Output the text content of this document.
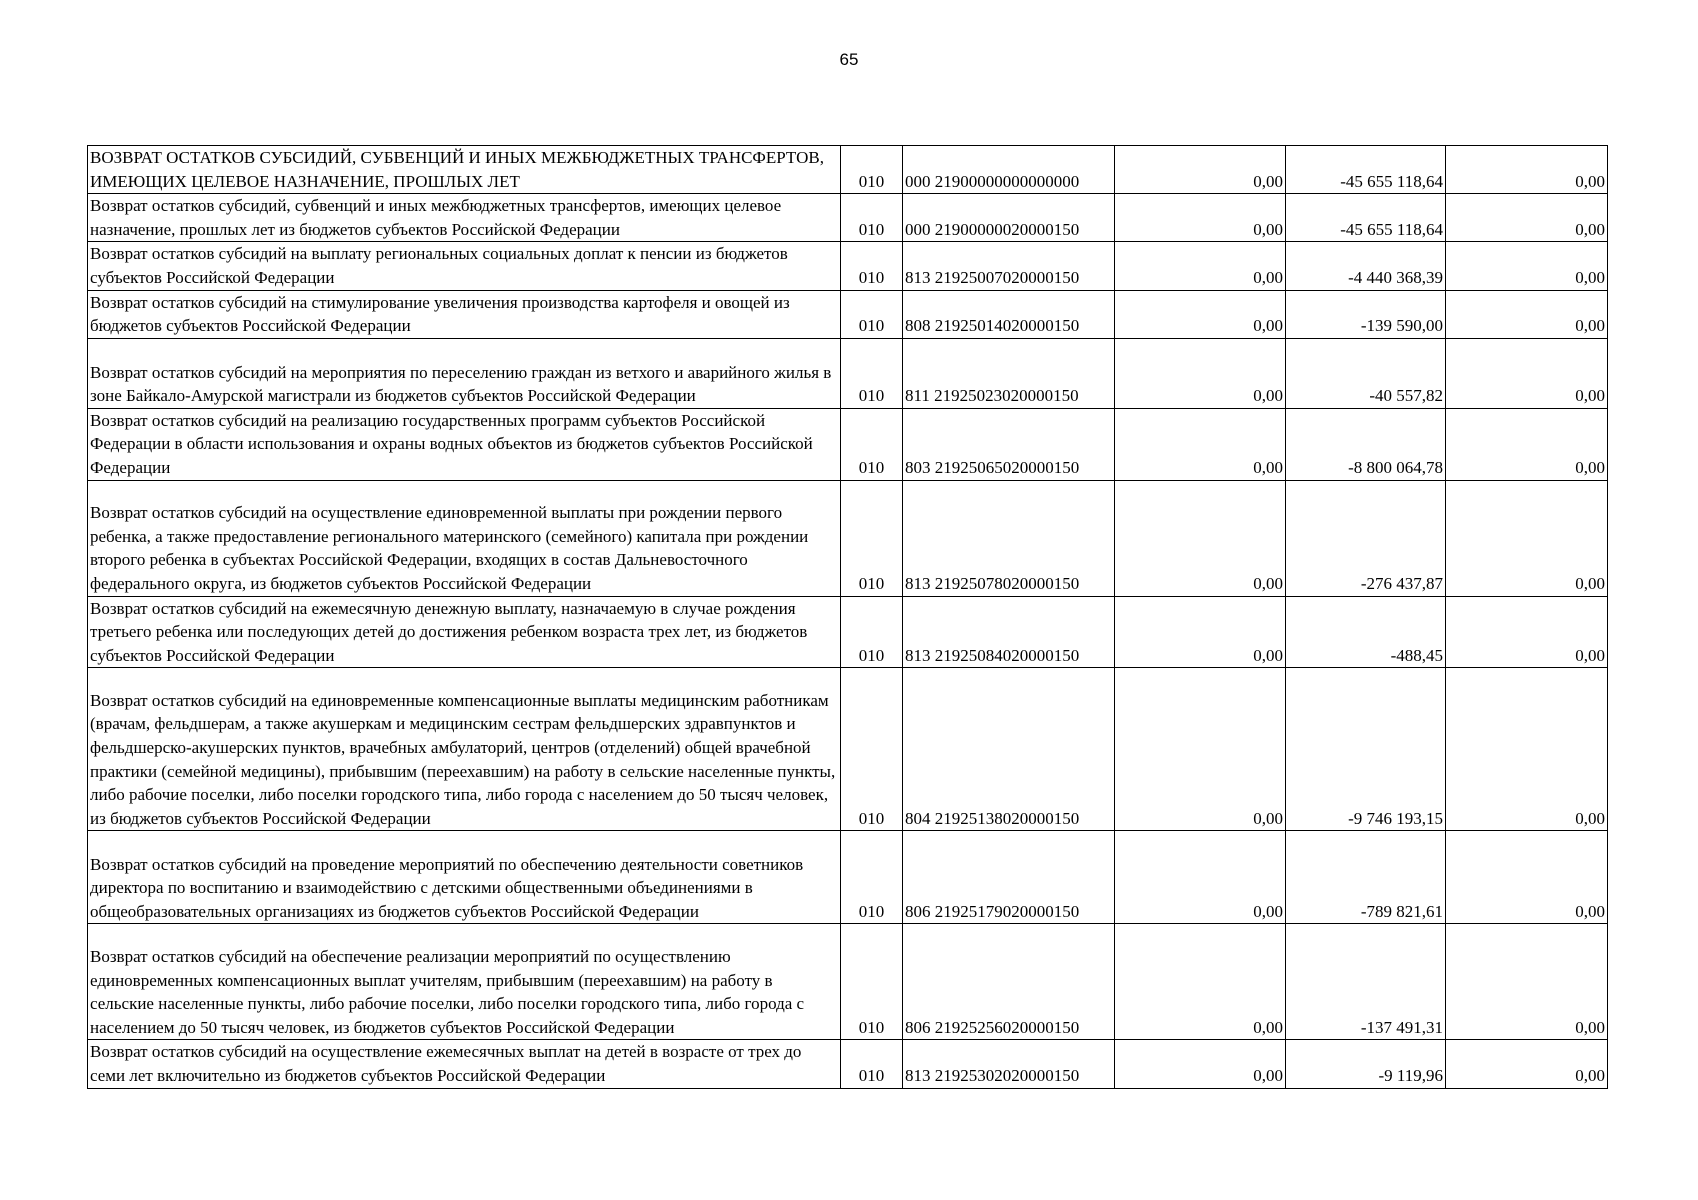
65
ВОЗВРАТ ОСТАТКОВ СУБСИДИЙ, СУБВЕНЦИЙ И ИНЫХ МЕЖБЮДЖЕТНЫХ ТРАНСФЕРТОВ, ИМЕЮЩИХ ЦЕЛЕВОЕ НАЗНАЧЕНИЕ, ПРОШЛЫХ ЛЕТ	010	000 21900000000000000	0,00	-45 655 118,64	0,00
Возврат остатков субсидий, субвенций и иных межбюджетных трансфертов, имеющих целевое назначение, прошлых лет из бюджетов субъектов Российской Федерации	010	000 21900000020000150	0,00	-45 655 118,64	0,00
Возврат остатков субсидий на выплату региональных социальных доплат к пенсии из бюджетов субъектов Российской Федерации	010	813 21925007020000150	0,00	-4 440 368,39	0,00
Возврат остатков субсидий на стимулирование увеличения производства картофеля и овощей из бюджетов субъектов Российской Федерации	010	808 21925014020000150	0,00	-139 590,00	0,00
Возврат остатков субсидий на мероприятия по переселению граждан из ветхого и аварийного жилья в зоне Байкало-Амурской магистрали из бюджетов субъектов Российской Федерации	010	811 21925023020000150	0,00	-40 557,82	0,00
Возврат остатков субсидий на реализацию государственных программ субъектов Российской Федерации в области использования и охраны водных объектов из бюджетов субъектов Российской Федерации	010	803 21925065020000150	0,00	-8 800 064,78	0,00
Возврат остатков субсидий на осуществление единовременной выплаты при рождении первого ребенка, а также предоставление регионального материнского (семейного) капитала при рождении второго ребенка в субъектах Российской Федерации, входящих в состав Дальневосточного федерального округа, из бюджетов субъектов Российской Федерации	010	813 21925078020000150	0,00	-276 437,87	0,00
Возврат остатков субсидий на ежемесячную денежную выплату, назначаемую в случае рождения третьего ребенка или последующих детей до достижения ребенком возраста трех лет, из бюджетов субъектов Российской Федерации	010	813 21925084020000150	0,00	-488,45	0,00
Возврат остатков субсидий на единовременные компенсационные выплаты медицинским работникам (врачам, фельдшерам, а также акушеркам и медицинским сестрам фельдшерских здравпунктов и фельдшерско-акушерских пунктов, врачебных амбулаторий, центров (отделений) общей врачебной практики (семейной медицины), прибывшим (переехавшим) на работу в сельские населенные пункты, либо рабочие поселки, либо поселки городского типа, либо города с населением до 50 тысяч человек, из бюджетов субъектов Российской Федерации	010	804 21925138020000150	0,00	-9 746 193,15	0,00
Возврат остатков субсидий на проведение мероприятий по обеспечению деятельности советников директора по воспитанию и взаимодействию с детскими общественными объединениями в общеобразовательных организациях из бюджетов субъектов Российской Федерации	010	806 21925179020000150	0,00	-789 821,61	0,00
Возврат остатков субсидий на обеспечение реализации мероприятий по осуществлению единовременных компенсационных выплат учителям, прибывшим (переехавшим) на работу в сельские населенные пункты, либо рабочие поселки, либо поселки городского типа, либо города с населением до 50 тысяч человек, из бюджетов субъектов Российской Федерации	010	806 21925256020000150	0,00	-137 491,31	0,00
Возврат остатков субсидий на осуществление ежемесячных выплат на детей в возрасте от трех до семи лет включительно из бюджетов субъектов Российской Федерации	010	813 21925302020000150	0,00	-9 119,96	0,00
